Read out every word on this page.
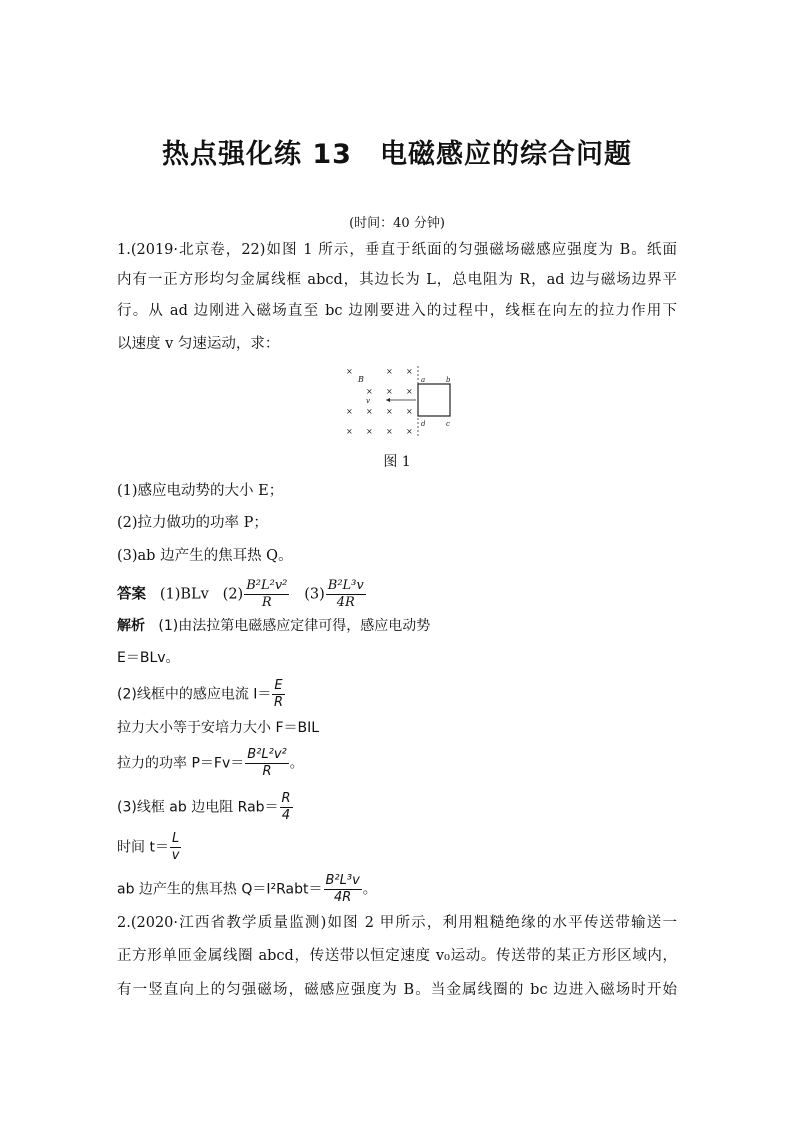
热点强化练 13　电磁感应的综合问题
(时间：40 分钟)
1.(2019·北京卷，22)如图 1 所示，垂直于纸面的匀强磁场磁感应强度为 B。纸面
内有一正方形均匀金属线框 abcd，其边长为 L，总电阻为 R，ad 边与磁场边界平
行。从 ad 边刚进入磁场直至 bc 边刚要进入的过程中，线框在向左的拉力作用下
以速度 v 匀速运动，求：
×	× ×
× × ×
× × × ×
× × × ×
B
v
a	b
c
d
图 1
(1)感应电动势的大小 E；
(2)拉力做功的功率 P；
(3)ab 边产生的焦耳热 Q。
答案 (1)BLv $(2) \frac{\text{B²L²v²}}{R} (3) \frac{\text{B²L³v}}{4R}$
解析 (1)由法拉第电磁感应定律可得，感应电动势
E＝BLv。
(2)线框中的感应电流 $I= \frac{E}{R}$
拉力大小等于安培力大小 F＝BIL
拉力的功率 $P=Fv= \frac{\text{B²L²v²}}{R}$ 。
(3)线框 ab 边电阻 $Rab= \frac{R}{4}$
时间 $t= \frac{L}{v}$
ab 边产生的焦耳热 Q＝I²Rabt＝ $\frac{\text{B²L³v}}{4R}$ 。
2.(2020·江西省教学质量监测)如图 2 甲所示，利用粗糙绝缘的水平传送带输送一
正方形单匝金属线圈 abcd，传送带以恒定速度 v₀运动。传送带的某正方形区域内，
有一竖直向上的匀强磁场，磁感应强度为 B。当金属线圈的 bc 边进入磁场时开始
